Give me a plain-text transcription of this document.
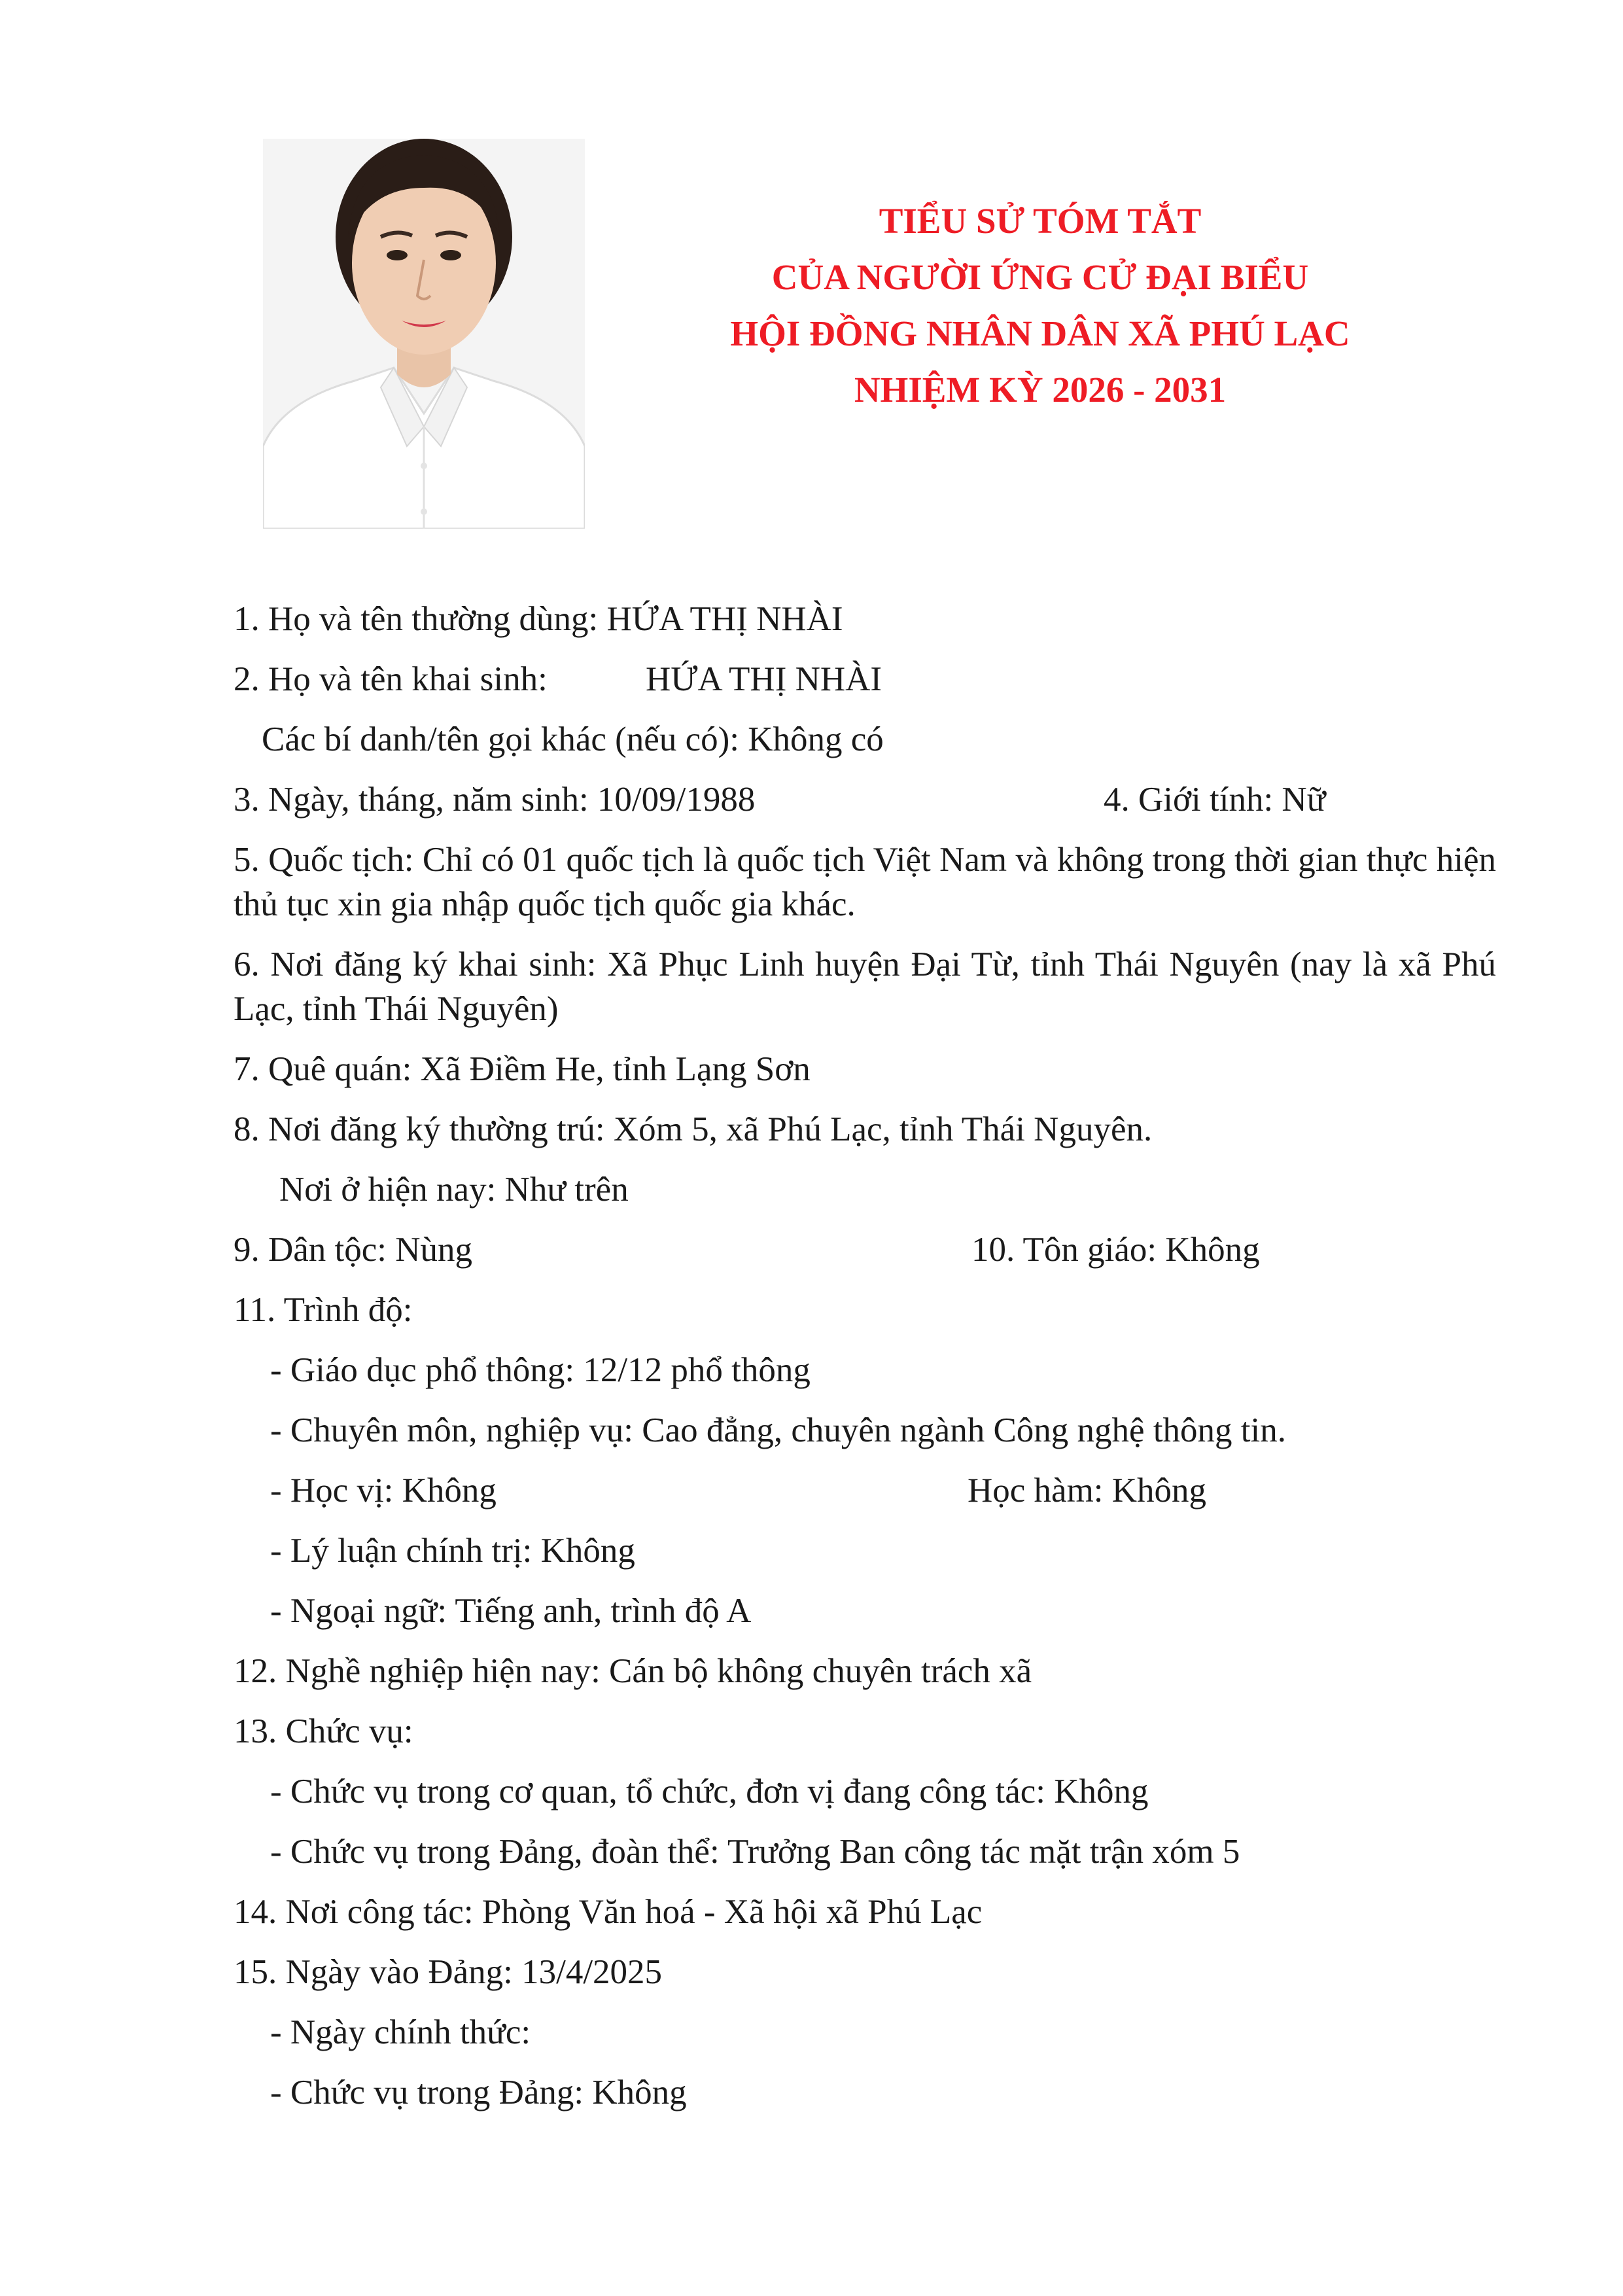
TIỂU SỬ TÓM TẮT
CỦA NGƯỜI ỨNG CỬ ĐẠI BIỂU
HỘI ĐỒNG NHÂN DÂN XÃ PHÚ LẠC
NHIỆM KỲ 2026 - 2031
1. Họ và tên thường dùng: HỨA THỊ NHÀI
2. Họ và tên khai sinh:	HỨA THỊ NHÀI
Các bí danh/tên gọi khác (nếu có): Không có
3. Ngày, tháng, năm sinh: 10/09/1988	4. Giới tính: Nữ
5. Quốc tịch: Chỉ có 01 quốc tịch là quốc tịch Việt Nam và không trong thời gian thực hiện thủ tục xin gia nhập quốc tịch quốc gia khác.
6. Nơi đăng ký khai sinh: Xã Phục Linh huyện Đại Từ, tỉnh Thái Nguyên (nay là xã Phú Lạc, tỉnh Thái Nguyên)
7. Quê quán: Xã Điềm He, tỉnh Lạng Sơn
8. Nơi đăng ký thường trú: Xóm 5, xã Phú Lạc, tỉnh Thái Nguyên.
Nơi ở hiện nay: Như trên
9. Dân tộc: Nùng	10. Tôn giáo: Không
11. Trình độ:
- Giáo dục phổ thông: 12/12 phổ thông
- Chuyên môn, nghiệp vụ: Cao đẳng, chuyên ngành Công nghệ thông tin.
- Học vị: Không	Học hàm: Không
- Lý luận chính trị: Không
- Ngoại ngữ: Tiếng anh, trình độ A
12. Nghề nghiệp hiện nay: Cán bộ không chuyên trách xã
13. Chức vụ:
- Chức vụ trong cơ quan, tổ chức, đơn vị đang công tác: Không
- Chức vụ trong Đảng, đoàn thể: Trưởng Ban công tác mặt trận xóm 5
14. Nơi công tác: Phòng Văn hoá - Xã hội xã Phú Lạc
15. Ngày vào Đảng: 13/4/2025
- Ngày chính thức:
- Chức vụ trong Đảng: Không
